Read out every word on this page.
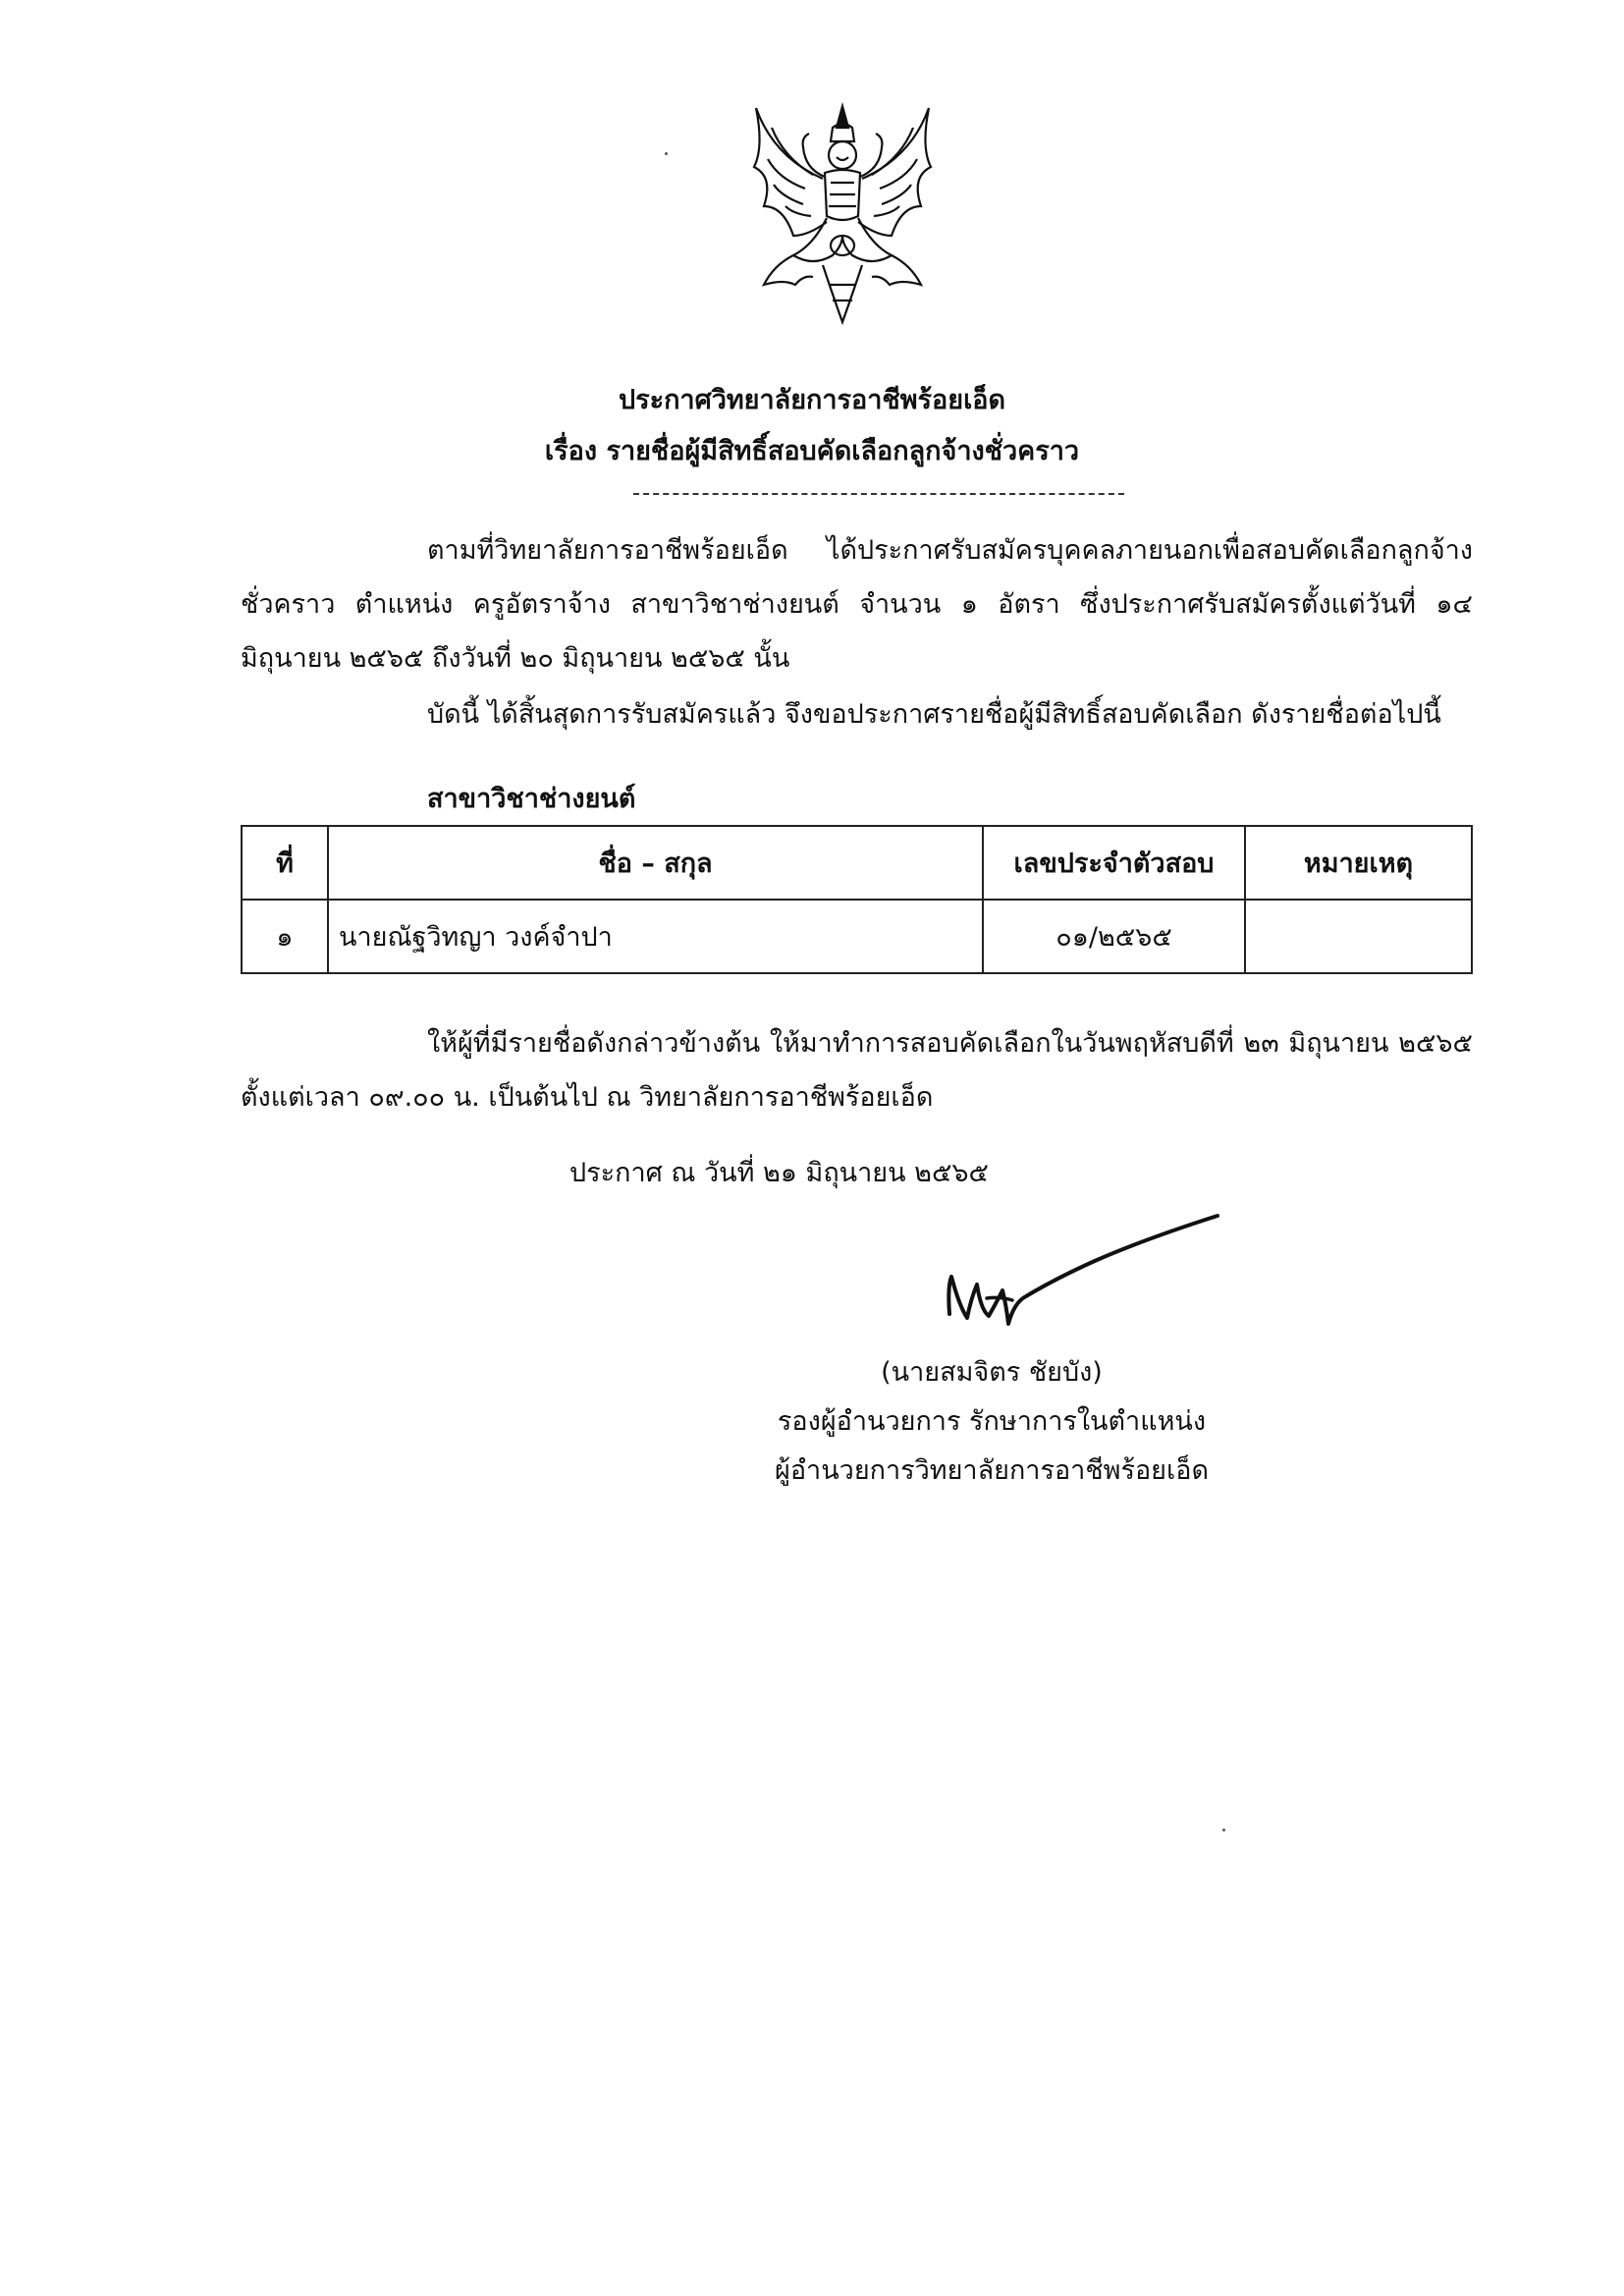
ประกาศวิทยาลัยการอาชีพร้อยเอ็ด
เรื่อง รายชื่อผู้มีสิทธิ์สอบคัดเลือกลูกจ้างชั่วคราว
ตามที่วิทยาลัยการอาชีพร้อยเอ็ด ได้ประกาศรับสมัครบุคคลภายนอกเพื่อสอบคัดเลือกลูกจ้างชั่วคราว ตำแหน่ง ครูอัตราจ้าง สาขาวิชาช่างยนต์ จำนวน ๑ อัตรา ซึ่งประกาศรับสมัครตั้งแต่วันที่ ๑๔ มิถุนายน ๒๕๖๕ ถึงวันที่ ๒๐ มิถุนายน ๒๕๖๕ นั้น
บัดนี้ ได้สิ้นสุดการรับสมัครแล้ว จึงขอประกาศรายชื่อผู้มีสิทธิ์สอบคัดเลือก ดังรายชื่อต่อไปนี้
สาขาวิชาช่างยนต์
ที่	ชื่อ – สกุล	เลขประจำตัวสอบ	หมายเหตุ
๑	นายณัฐวิทญา วงค์จำปา	๐๑/๒๕๖๕	
ให้ผู้ที่มีรายชื่อดังกล่าวข้างต้น ให้มาทำการสอบคัดเลือกในวันพฤหัสบดีที่ ๒๓ มิถุนายน ๒๕๖๕ ตั้งแต่เวลา ๐๙.๐๐ น. เป็นต้นไป ณ วิทยาลัยการอาชีพร้อยเอ็ด
ประกาศ ณ วันที่ ๒๑ มิถุนายน ๒๕๖๕
(นายสมจิตร ชัยบัง)
รองผู้อำนวยการ รักษาการในตำแหน่ง
ผู้อำนวยการวิทยาลัยการอาชีพร้อยเอ็ด
